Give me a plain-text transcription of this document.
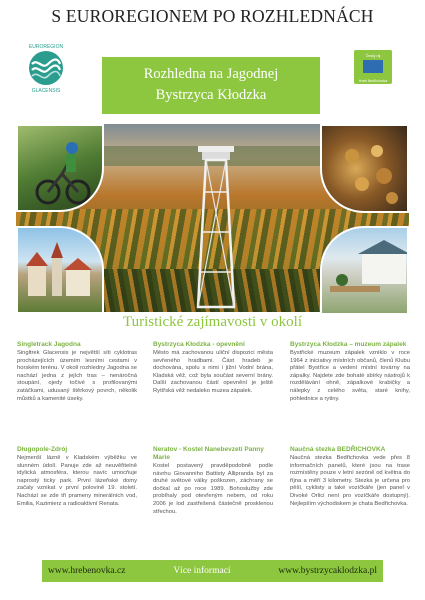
S EUROREGIONEM PO ROZHLEDNÁCH
EUROREGION
GLACENSIS
Český ráj
Hotel Bedřichovka
Rozhledna na Jagodnej
Bystrzyca Kłodzka
Turistické zajímavosti v okolí
Singletrack Jagodna

Singltrek Glacensis je největší síti cyklotras procházejících územím lesními cestami v horském terénu. V okolí rozhledny Jagodna se nachází jedna z jejích tras – nenáročná stoupání, ojedy točivé s profilovanými zatáčkami, udusaný štěrkový povrch, několik můstků a kamenité úseky.

Długopole-Zdrój

Nejmenší lázně v Kladském výběžku ve slunném údolí. Panuje zde až neuvěřitelně idylická atmosféra, kterou navíc umocňuje naprostý ticky park. První lázeňské domy začaly vznikat v první polovině 19. století. Nachází se zde tři prameny minerálních vod, Emilia, Kazimierz a radioaktivní Renata.

Bystrzyca Kłodzka - opevnění

Město má zachovanou uliční dispozici města sevřeného hradbami. Část hradeb je dochována, spolu s nimi i jižní Vodní brána, Kladská věž, což byla součást severní brány. Další zachovanou částí opevnění je ještě Rytířská věž nedaleko muzea zápalek.

Neratov - Kostel Nanebevzetí Panny Marie

Kostel postavený pravděpodobně podle návrhu Giovanniho Battisty Allipranda byl za druhé světové války poškozen, záchrany se dočkal až po roce 1989. Bohoslužby zde probíhaly pod otevřeným nebem, od roku 2006 je lod zastřešená částečně prosklenou střechou.

Bystrzyca Kłodzka – muzeum zápalek

Bystřické muzeum zápalek vzniklo v roce 1964 z iniciativy místních občanů, členů Klubu přátel Bystřice a vedení místní továrny na zápalky. Najdete zde bohaté sbírky nástrojů k rozdělávání ohně, zápalkové krabičky a nálepky z celého světa, staré knihy, pohlednice a rytiny.

Naučná stezka BEDŘICHOVKA

Naučná stezka Bedřichovka vede přes 8 informačních panelů, které jsou na trase rozmístěny pouze v letní sezóně od května do října a měří 3 kilometry. Stezka je určena pro pěší, cyklisty a také vozíčkáře (jen panel v Divoké Orlici není pro vozíčkáře dostupný). Nejlepším východiskem je chata Bedřichovka.

www.hrebenovka.cz	Více informací	www.bystrzycaklodzka.pl
